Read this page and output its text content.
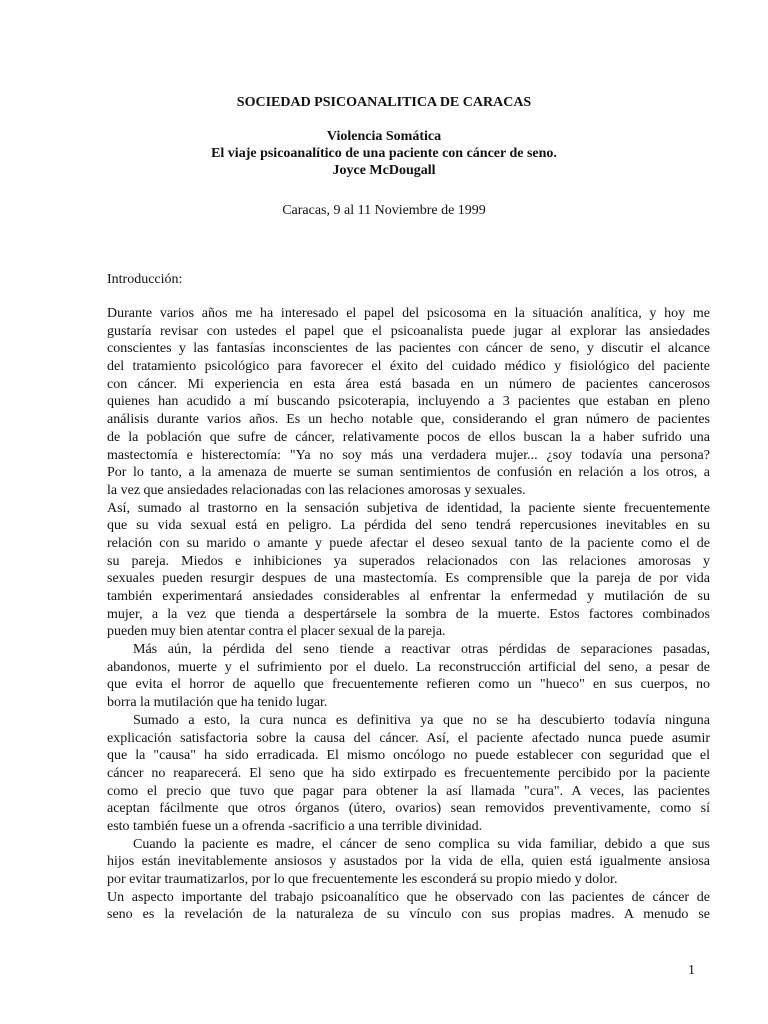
SOCIEDAD PSICOANALITICA DE CARACAS
Violencia Somática
El viaje psicoanalítico de una paciente con cáncer de seno.
Joyce McDougall
Caracas, 9 al 11 Noviembre de 1999
Introducción:
Durante varios años me ha interesado el papel del psicosoma en la situación analítica, y hoy me
gustaría revisar con ustedes el papel que el psicoanalista puede jugar al explorar las ansiedades
conscientes y las fantasías inconscientes de las pacientes con cáncer de seno, y discutir el alcance
del tratamiento psicológico para favorecer el éxito del cuidado médico y fisiológico del paciente
con cáncer. Mi experiencia en esta área está basada en un número de pacientes cancerosos
quienes han acudido a mí buscando psicoterapia, incluyendo a 3 pacientes que estaban en pleno
análisis durante varios años. Es un hecho notable que, considerando el gran número de pacientes
de la población que sufre de cáncer, relativamente pocos de ellos buscan la a haber sufrido una
mastectomía e histerectomía: "Ya no soy más una verdadera mujer... ¿soy todavía una persona?
Por lo tanto, a la amenaza de muerte se suman sentimientos de confusión en relación a los otros, a
la vez que ansiedades relacionadas con las relaciones amorosas y sexuales.
Así, sumado al trastorno en la sensación subjetiva de identidad, la paciente siente frecuentemente
que su vida sexual está en peligro. La pérdida del seno tendrá repercusiones inevitables en su
relación con su marido o amante y puede afectar el deseo sexual tanto de la paciente como el de
su pareja. Miedos e inhibiciones ya superados relacionados con las relaciones amorosas y
sexuales pueden resurgir despues de una mastectomía. Es comprensible que la pareja de por vida
también experimentará ansiedades considerables al enfrentar la enfermedad y mutilación de su
mujer, a la vez que tienda a despertársele la sombra de la muerte. Estos factores combinados
pueden muy bien atentar contra el placer sexual de la pareja.
Más aún, la pérdida del seno tiende a reactivar otras pérdidas de separaciones pasadas,
abandonos, muerte y el sufrimiento por el duelo. La reconstrucción artificial del seno, a pesar de
que evita el horror de aquello que frecuentemente refieren como un "hueco" en sus cuerpos, no
borra la mutilación que ha tenido lugar.
Sumado a esto, la cura nunca es definitiva ya que no se ha descubierto todavía ninguna
explicación satisfactoria sobre la causa del cáncer. Así, el paciente afectado nunca puede asumir
que la "causa" ha sido erradicada. El mismo oncólogo no puede establecer con seguridad que el
cáncer no reaparecerá. El seno que ha sido extirpado es frecuentemente percibido por la paciente
como el precio que tuvo que pagar para obtener la así llamada "cura". A veces, las pacientes
aceptan fácilmente que otros órganos (útero, ovarios) sean removidos preventivamente, como sí
esto también fuese un a ofrenda -sacrificio a una terrible divinidad.
Cuando la paciente es madre, el cáncer de seno complica su vida familiar, debido a que sus
hijos están inevitablemente ansiosos y asustados por la vida de ella, quien está igualmente ansiosa
por evitar traumatizarlos, por lo que frecuentemente les esconderá su propio miedo y dolor.
Un aspecto importante del trabajo psicoanalítico que he observado con las pacientes de cáncer de
seno es la revelación de la naturaleza de su vínculo con sus propias madres. A menudo se
1
